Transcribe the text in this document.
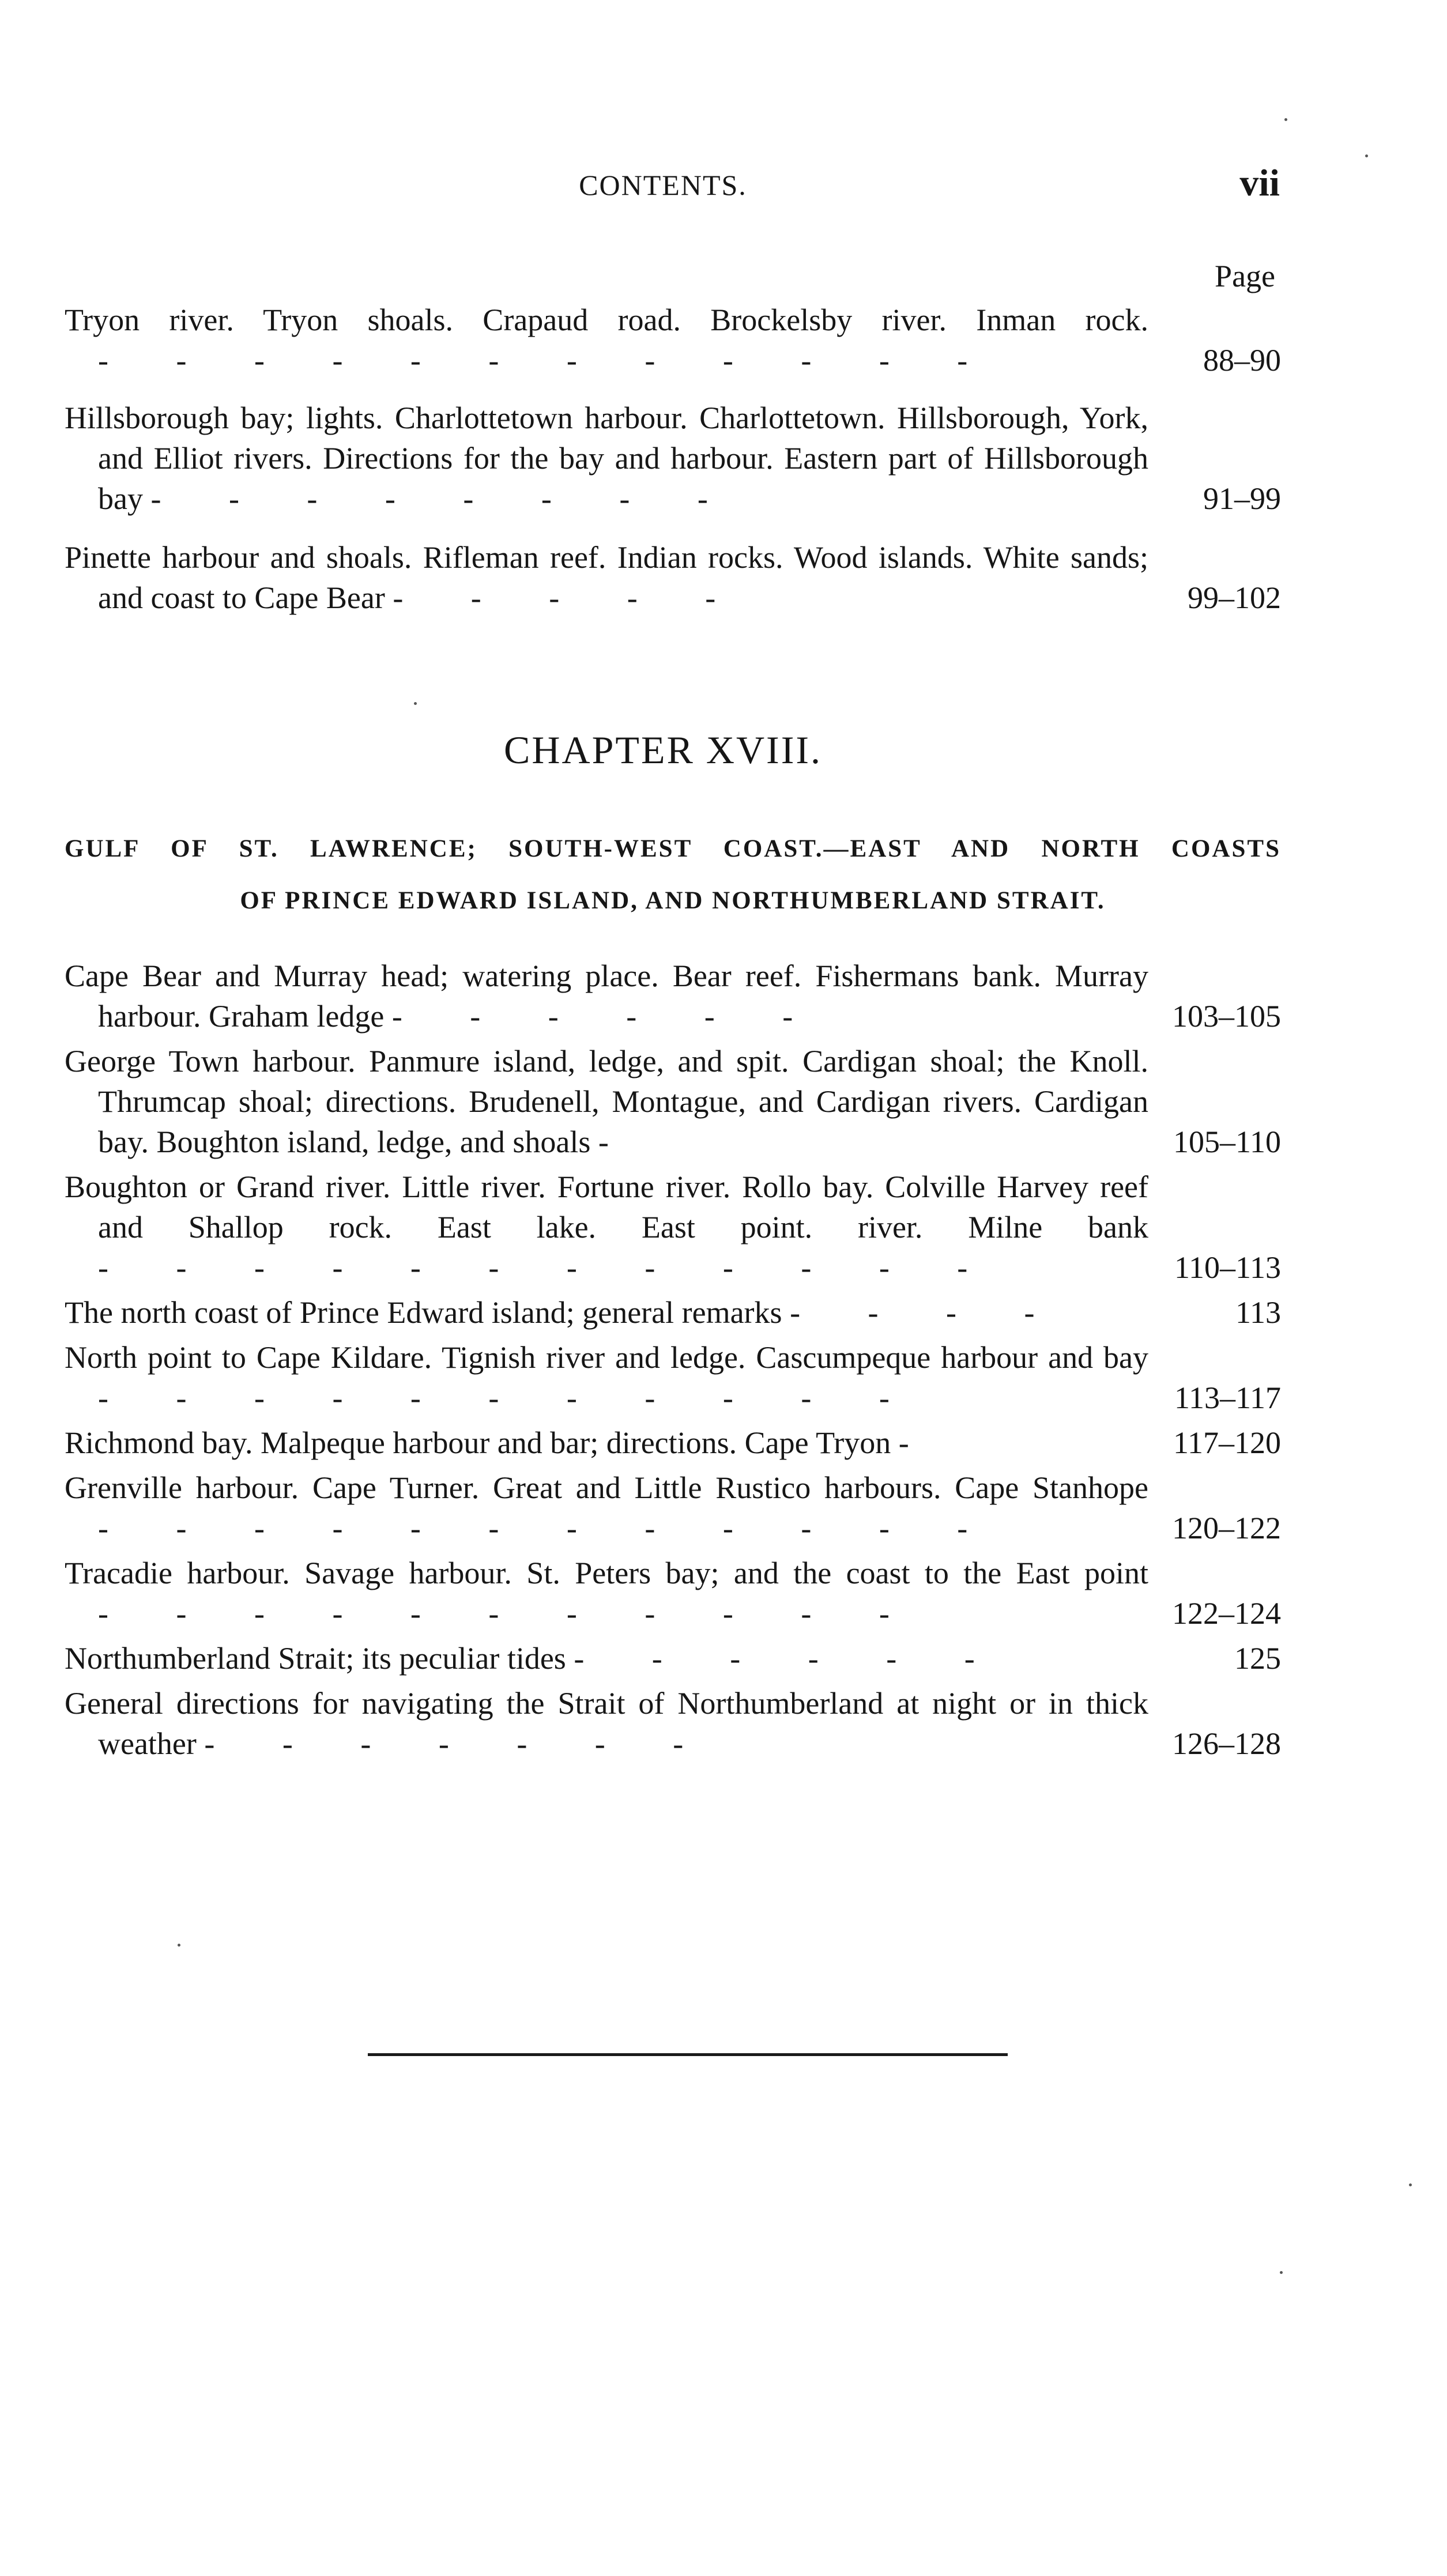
CONTENTS.	vii
Page
Tryon river. Tryon shoals. Crapaud road. Brockelsby river. Inman rock. - - - - - - - - - - - -	88–90
Hillsborough bay; lights. Charlottetown harbour. Charlottetown. Hillsborough, York, and Elliot rivers. Directions for the bay and harbour. Eastern part of Hillsborough bay - - - - - - - -	91–99
Pinette harbour and shoals. Rifleman reef. Indian rocks. Wood islands. White sands; and coast to Cape Bear - - - - -	99–102
CHAPTER XVIII.
GULF OF ST. LAWRENCE; SOUTH-WEST COAST.—EAST AND NORTH COASTS
OF PRINCE EDWARD ISLAND, AND NORTHUMBERLAND STRAIT.
Cape Bear and Murray head; watering place. Bear reef. Fishermans bank. Murray harbour. Graham ledge - - - - - -	103–105
George Town harbour. Panmure island, ledge, and spit. Cardigan shoal; the Knoll. Thrumcap shoal; directions. Brudenell, Montague, and Cardigan rivers. Cardigan bay. Boughton island, ledge, and shoals -	105–110
Boughton or Grand river. Little river. Fortune river. Rollo bay. Colville Harvey reef and Shallop rock. East lake. East point. river. Milne bank - - - - - - - - - - - -	110–113
The north coast of Prince Edward island; general remarks - - - -	113
North point to Cape Kildare. Tignish river and ledge. Cascumpeque harbour and bay - - - - - - - - - - -	113–117
Richmond bay. Malpeque harbour and bar; directions. Cape Tryon -	117–120
Grenville harbour. Cape Turner. Great and Little Rustico harbours. Cape Stanhope - - - - - - - - - - - -	120–122
Tracadie harbour. Savage harbour. St. Peters bay; and the coast to the East point - - - - - - - - - - -	122–124
Northumberland Strait; its peculiar tides - - - - - -	125
General directions for navigating the Strait of Northumberland at night or in thick weather - - - - - - -	126–128
